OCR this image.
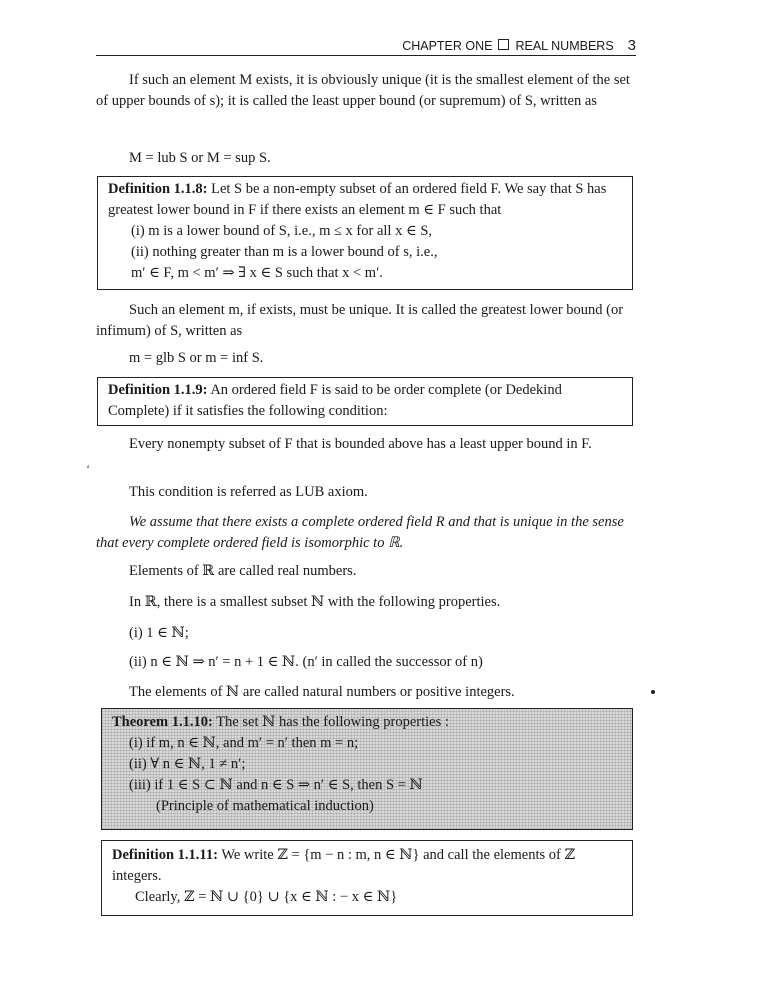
CHAPTER ONE REAL NUMBERS 3
If such an element M exists, it is obviously unique (it is the smallest element of the set of upper bounds of s); it is called the least upper bound (or supremum) of S, written as
M = lub S or M = sup S.
Definition 1.1.8: Let S be a non-empty subset of an ordered field F. We say that S has greatest lower bound in F if there exists an element m ∈ F such that
(i) m is a lower bound of S, i.e., m ≤ x for all x ∈ S,
(ii) nothing greater than m is a lower bound of s, i.e.,
m′ ∈ F, m < m′ ⇒ ∃ x ∈ S such that x < m′.
Such an element m, if exists, must be unique. It is called the greatest lower bound (or infimum) of S, written as
m = glb S or m = inf S.
Definition 1.1.9: An ordered field F is said to be order complete (or Dedekind Complete) if it satisfies the following condition:
ʻ
Every nonempty subset of F that is bounded above has a least upper bound in F.
This condition is referred as LUB axiom.
We assume that there exists a complete ordered field R and that is unique in the sense that every complete ordered field is isomorphic to ℝ.
Elements of ℝ are called real numbers.
In ℝ, there is a smallest subset ℕ with the following properties.
(i) 1 ∈ ℕ;
(ii) n ∈ ℕ ⇒ n′ = n + 1 ∈ ℕ. (n′ in called the successor of n)
The elements of ℕ are called natural numbers or positive integers.
Theorem 1.1.10: The set ℕ has the following properties :
(i) if m, n ∈ ℕ, and m′ = n′ then m = n;
(ii) ∀ n ∈ ℕ, 1 ≠ n′;
(iii) if 1 ∈ S ⊂ ℕ and n ∈ S ⇒ n′ ∈ S, then S = ℕ
(Principle of mathematical induction)
Definition 1.1.11: We write ℤ = {m − n : m, n ∈ ℕ} and call the elements of ℤ integers.
Clearly, ℤ = ℕ ∪ {0} ∪ {x ∈ ℕ : − x ∈ ℕ}
